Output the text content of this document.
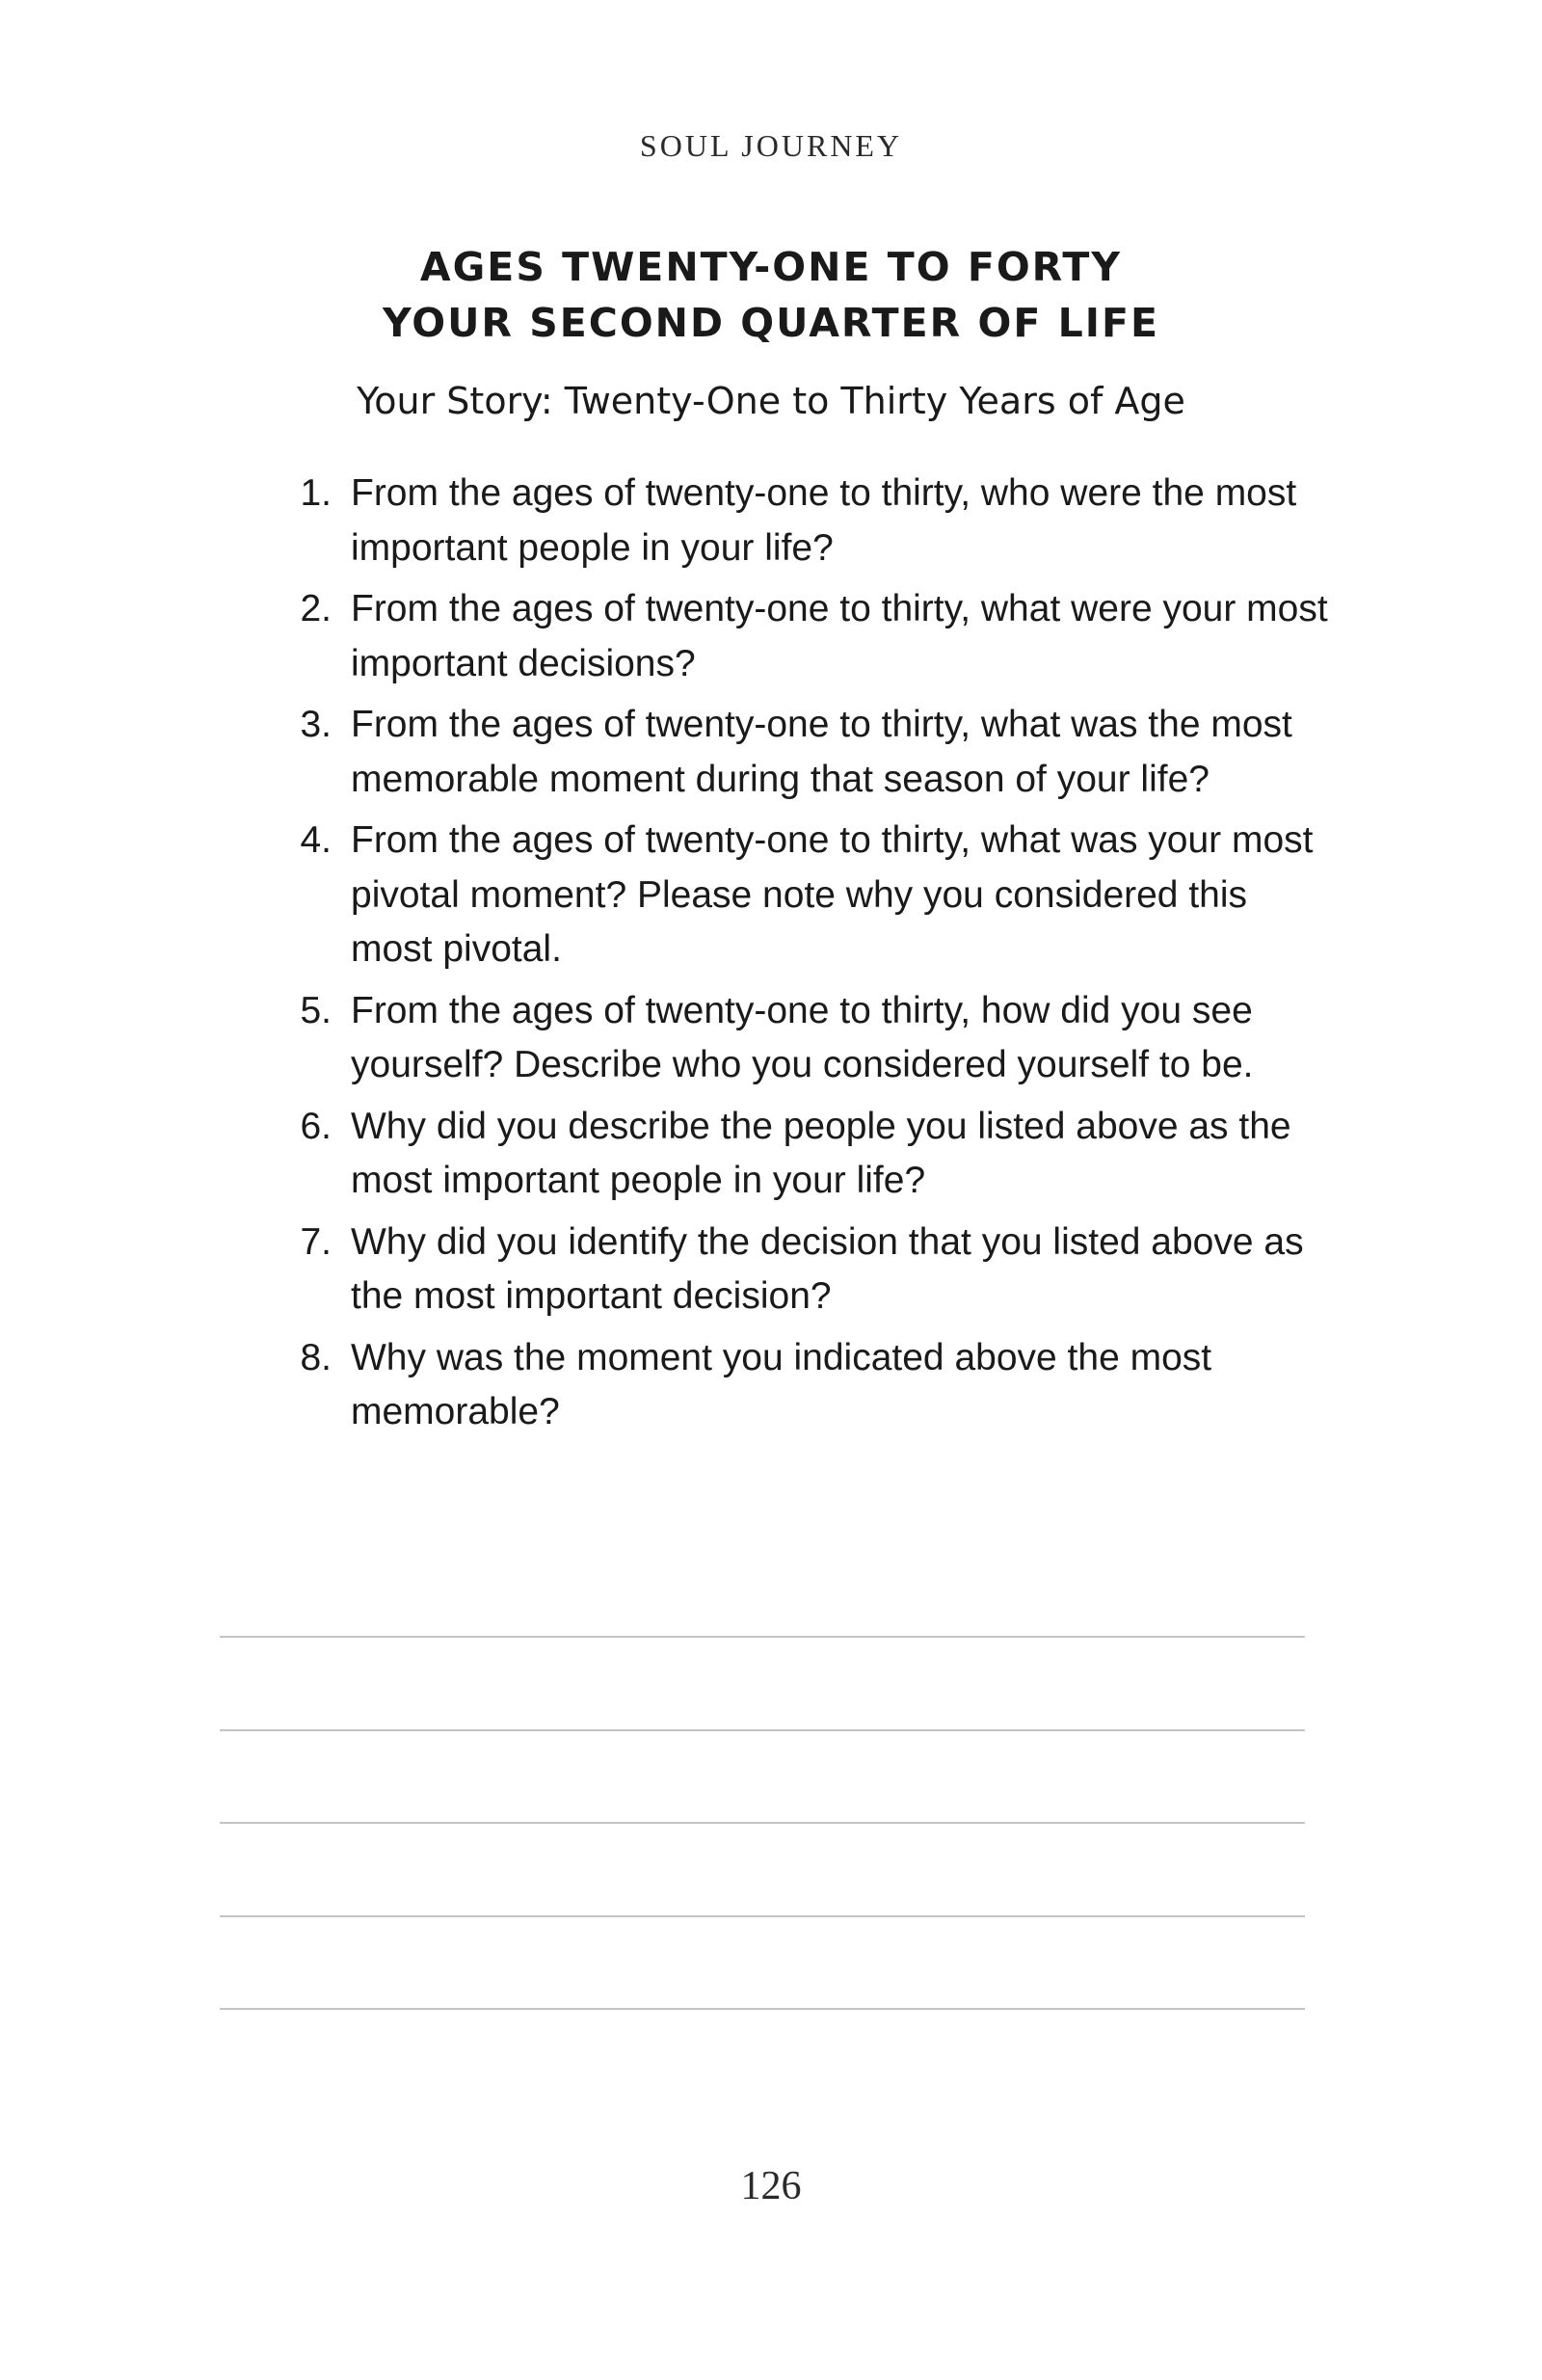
SOUL JOURNEY
AGES TWENTY-ONE TO FORTY
YOUR SECOND QUARTER OF LIFE
Your Story: Twenty-One to Thirty Years of Age
1. From the ages of twenty-one to thirty, who were the most important people in your life?
2. From the ages of twenty-one to thirty, what were your most important decisions?
3. From the ages of twenty-one to thirty, what was the most memorable moment during that season of your life?
4. From the ages of twenty-one to thirty, what was your most pivotal moment? Please note why you considered this most pivotal.
5. From the ages of twenty-one to thirty, how did you see yourself? Describe who you considered yourself to be.
6. Why did you describe the people you listed above as the most important people in your life?
7. Why did you identify the decision that you listed above as the most important decision?
8. Why was the moment you indicated above the most memorable?
126
